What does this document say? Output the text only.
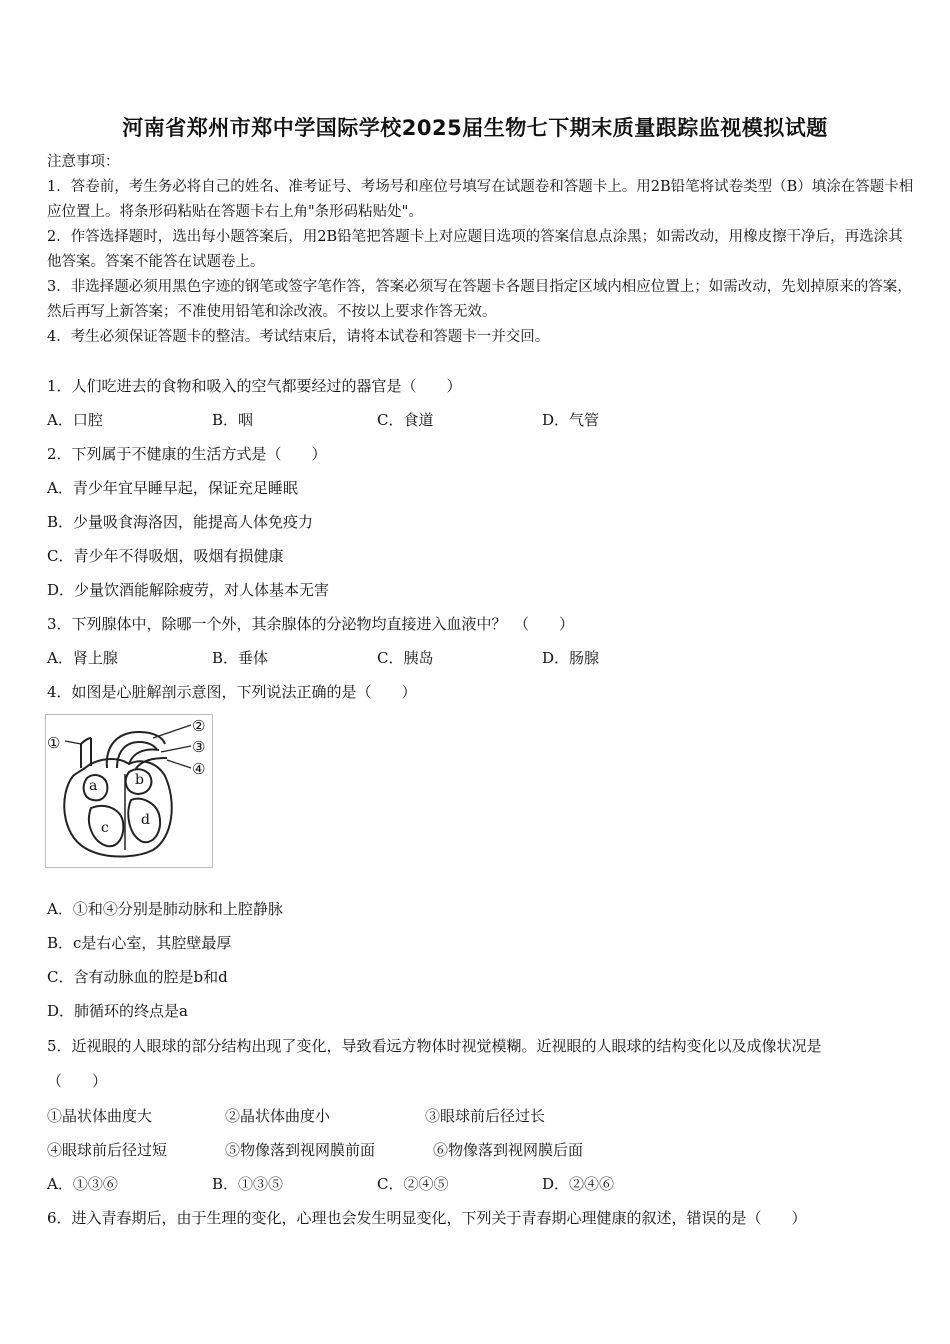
河南省郑州市郑中学国际学校2025届生物七下期末质量跟踪监视模拟试题
注意事项：
1．答卷前，考生务必将自己的姓名、准考证号、考场号和座位号填写在试题卷和答题卡上。用2B铅笔将试卷类型（B）填涂在答题卡相应位置上。将条形码粘贴在答题卡右上角"条形码粘贴处"。
2．作答选择题时，选出每小题答案后，用2B铅笔把答题卡上对应题目选项的答案信息点涂黑；如需改动，用橡皮擦干净后，再选涂其他答案。答案不能答在试题卷上。
3．非选择题必须用黑色字迹的钢笔或签字笔作答，答案必须写在答题卡各题目指定区域内相应位置上；如需改动，先划掉原来的答案，然后再写上新答案；不准使用铅笔和涂改液。不按以上要求作答无效。
4．考生必须保证答题卡的整洁。考试结束后，请将本试卷和答题卡一并交回。
1．人们吃进去的食物和吸入的空气都要经过的器官是（　　）
A．口腔	B．咽	C．食道	D．气管
2．下列属于不健康的生活方式是（　　）
A．青少年宜早睡早起，保证充足睡眠
B．少量吸食海洛因，能提高人体免疫力
C．青少年不得吸烟，吸烟有损健康
D．少量饮酒能解除疲劳，对人体基本无害
3．下列腺体中，除哪一个外，其余腺体的分泌物均直接进入血液中？　（　　）
A．肾上腺	B．垂体	C．胰岛	D．肠腺
4．如图是心脏解剖示意图，下列说法正确的是（　　）
①
②
③
④
a	b
c d
A．①和④分别是肺动脉和上腔静脉
B．c是右心室，其腔壁最厚
C．含有动脉血的腔是b和d
D．肺循环的终点是a
5．近视眼的人眼球的部分结构出现了变化，导致看远方物体时视觉模糊。近视眼的人眼球的结构变化以及成像状况是
（　　）
①晶状体曲度大	②晶状体曲度小	③眼球前后径过长
④眼球前后径过短	⑤物像落到视网膜前面	⑥物像落到视网膜后面
A．①③⑥	B．①③⑤	C．②④⑤	D．②④⑥
6．进入青春期后，由于生理的变化，心理也会发生明显变化，下列关于青春期心理健康的叙述，错误的是（　　）
